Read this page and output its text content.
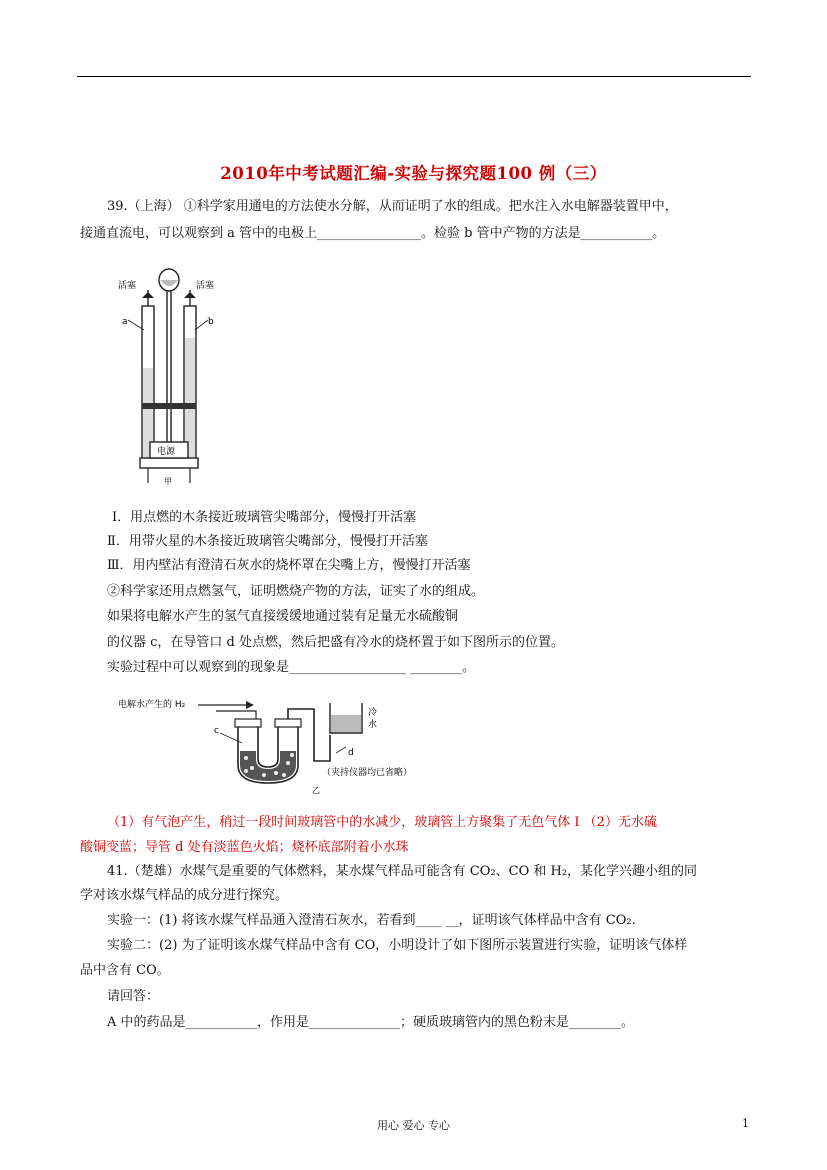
2010年中考试题汇编-实验与探究题100 例（三）
39.（上海） ①科学家用通电的方法使水分解，从而证明了水的组成。把水注入水电解器装置甲中，
接通直流电，可以观察到 a 管中的电极上________________。检验 b 管中产物的方法是___________。
活塞	活塞
a	b
电源
甲
Ⅰ．用点燃的木条接近玻璃管尖嘴部分，慢慢打开活塞
Ⅱ．用带火星的木条接近玻璃管尖嘴部分，慢慢打开活塞
Ⅲ．用内壁沾有澄清石灰水的烧杯罩在尖嘴上方，慢慢打开活塞
②科学家还用点燃氢气，证明燃烧产物的方法，证实了水的组成。
如果将电解水产生的氢气直接缓缓地通过装有足量无水硫酸铜
的仪器 c，在导管口 d 处点燃，然后把盛有冷水的烧杯置于如下图所示的位置。
实验过程中可以观察到的现象是__________________ ________。
电解水产生的 H₂
c
d
冷
水
（夹持仪器均已省略）
乙
（1）有气泡产生，稍过一段时间玻璃管中的水减少，玻璃管上方聚集了无色气体 Ⅰ （2）无水硫
酸铜变蓝；导管 d 处有淡蓝色火焰；烧杯底部附着小水珠
41.（楚雄）水煤气是重要的气体燃料，某水煤气样品可能含有 CO₂、CO 和 H₂，某化学兴趣小组的同
学对该水煤气样品的成分进行探究。
实验一：(1) 将该水煤气样品通入澄清石灰水，若看到____ __，证明该气体样品中含有 CO₂.
实验二：(2) 为了证明该水煤气样品中含有 CO，小明设计了如下图所示装置进行实验，证明该气体样
品中含有 CO。
请回答：
A 中的药品是___________，作用是______________；硬质玻璃管内的黑色粉末是________。
用心 爱心 专心	1
